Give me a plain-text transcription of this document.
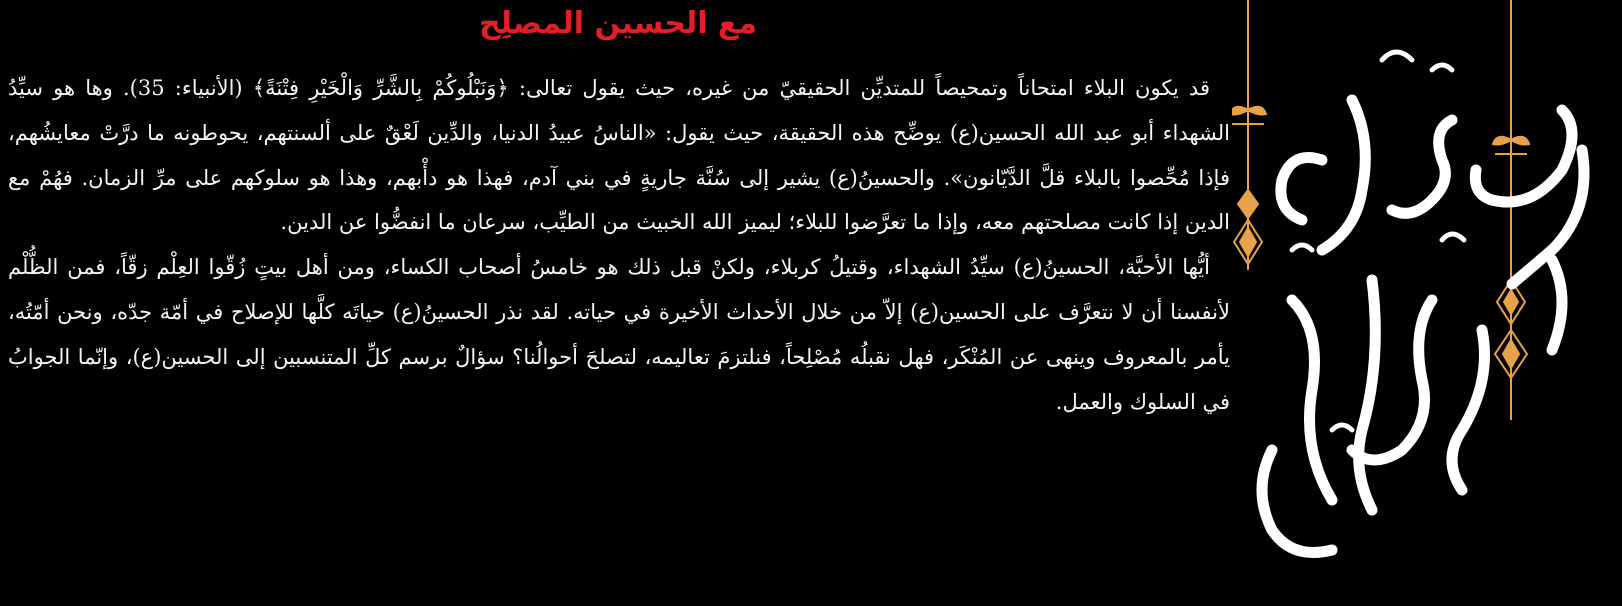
مع الحسين المصلِح

قد يكون البلاء امتحاناً وتمحيصاً للمتديِّن الحقيقيّ من غيره، حيث يقول تعالى: ﴿وَنَبْلُوكُمْ بِالشَّرِّ وَالْخَيْرِ فِتْنَةً﴾ (الأنبياء: 35). وها هو سيِّدُ الشهداء أبو عبد الله الحسين(ع) يوضِّح هذه الحقيقة، حيث يقول: «الناسُ عبيدُ الدنيا، والدِّين لَعْقٌ على ألسنتهم، يحوطونه ما درَّتْ معايشُهم، فإذا مُحِّصوا بالبلاء قلَّ الدَّيّانون». والحسينُ(ع) يشير إلى سُنَّة جاريةٍ في بني آدم، فهذا هو دأْبهم، وهذا هو سلوكهم على مرِّ الزمان. فهُمْ مع الدين إذا كانت مصلحتهم معه، وإذا ما تعرَّضوا للبلاء؛ ليميز الله الخبيث من الطيِّب، سرعان ما انفضُّوا عن الدين.

أيُّها الأحبَّة، الحسينُ(ع) سيِّدُ الشهداء، وقتيلُ كربلاء، ولكنْ قبل ذلك هو خامسُ أصحاب الكساء، ومن أهل بيتٍ زُقّوا العِلْم زقّاً، فمن الظُّلْم لأنفسنا أن لا نتعرَّف على الحسين(ع) إلاّ من خلال الأحداث الأخيرة في حياته. لقد نذر الحسينُ(ع) حياتَه كلَّها للإصلاح في أمّة جدّه، ونحن أمّتُه، يأمر بالمعروف وينهى عن المُنْكَر، فهل نقبلُه مُصْلِحاً، فنلتزمَ تعاليمه، لتصلحَ أحوالُنا؟ سؤالٌ برسم كلِّ المتنسبين إلى الحسين(ع)، وإنّما الجوابُ في السلوك والعمل.
